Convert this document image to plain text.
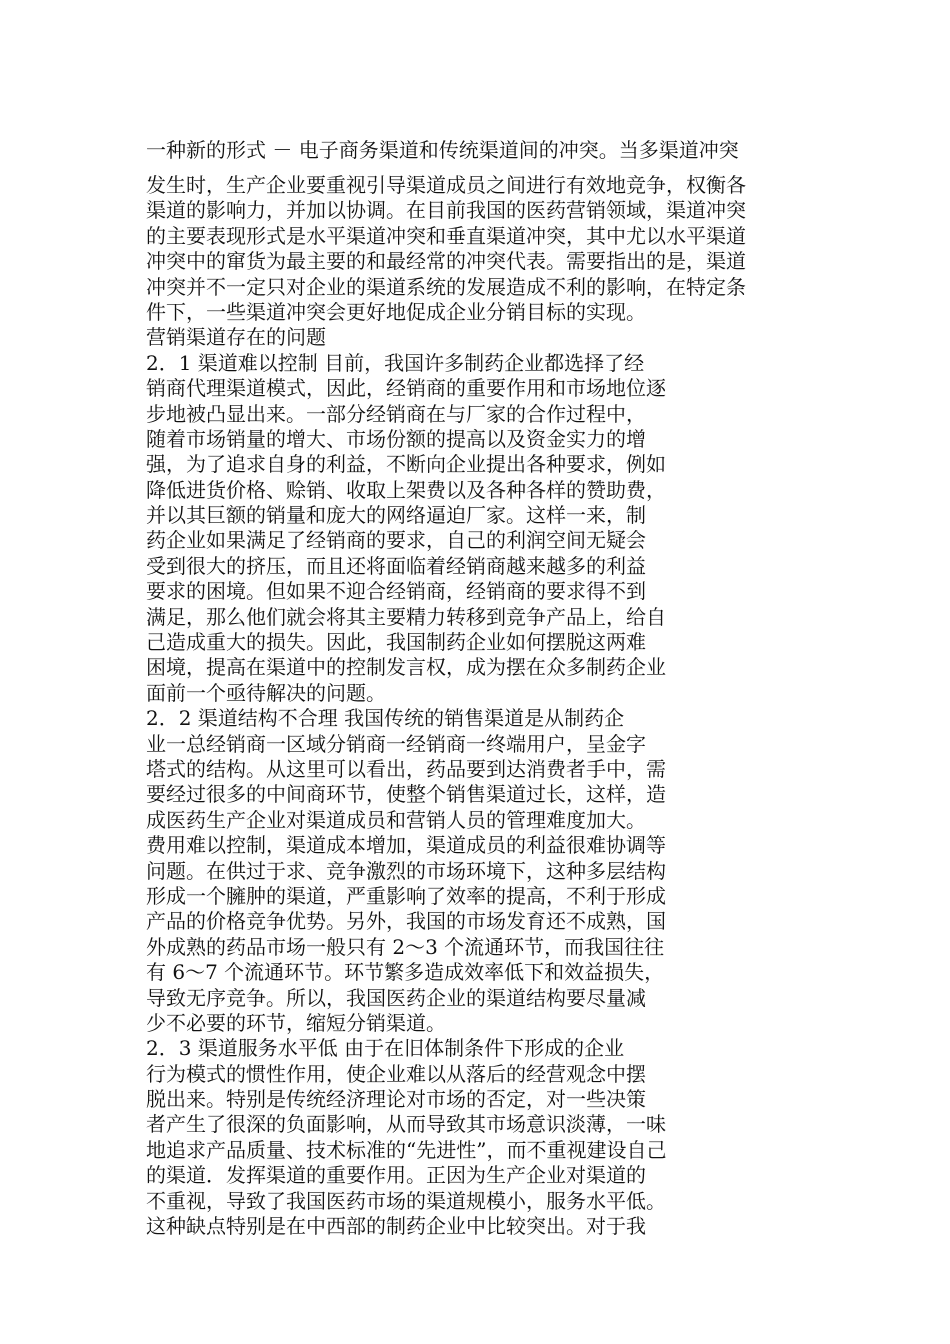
一种新的形式 － 电子商务渠道和传统渠道间的冲突。当多渠道冲突
发生时，生产企业要重视引导渠道成员之间进行有效地竞争，权衡各
渠道的影响力，并加以协调。在目前我国的医药营销领域，渠道冲突
的主要表现形式是水平渠道冲突和垂直渠道冲突，其中尤以水平渠道
冲突中的窜货为最主要的和最经常的冲突代表。需要指出的是，渠道
冲突并不一定只对企业的渠道系统的发展造成不利的影响，在特定条
件下，一些渠道冲突会更好地促成企业分销目标的实现。
营销渠道存在的问题
2．1 渠道难以控制 目前，我国许多制药企业都选择了经
销商代理渠道模式，因此，经销商的重要作用和市场地位逐
步地被凸显出来。一部分经销商在与厂家的合作过程中，
随着市场销量的增大、市场份额的提高以及资金实力的增
强，为了追求自身的利益，不断向企业提出各种要求，例如
降低进货价格、赊销、收取上架费以及各种各样的赞助费，
并以其巨额的销量和庞大的网络逼迫厂家。这样一来，制
药企业如果满足了经销商的要求，自己的利润空间无疑会
受到很大的挤压，而且还将面临着经销商越来越多的利益
要求的困境。但如果不迎合经销商，经销商的要求得不到
满足，那么他们就会将其主要精力转移到竞争产品上，给自
己造成重大的损失。因此，我国制药企业如何摆脱这两难
困境，提高在渠道中的控制发言权，成为摆在众多制药企业
面前一个亟待解决的问题。
2．2 渠道结构不合理 我国传统的销售渠道是从制药企
业一总经销商一区域分销商一经销商一终端用户，呈金字
塔式的结构。从这里可以看出，药品要到达消费者手中，需
要经过很多的中间商环节，使整个销售渠道过长，这样，造
成医药生产企业对渠道成员和营销人员的管理难度加大。
费用难以控制，渠道成本增加，渠道成员的利益很难协调等
问题。在供过于求、竞争激烈的市场环境下，这种多层结构
形成一个臃肿的渠道，严重影响了效率的提高，不利于形成
产品的价格竞争优势。另外，我国的市场发育还不成熟，国
外成熟的药品市场一般只有 2～3 个流通环节，而我国往往
有 6～7 个流通环节。环节繁多造成效率低下和效益损失，
导致无序竞争。所以，我国医药企业的渠道结构要尽量减
少不必要的环节，缩短分销渠道。
2．3 渠道服务水平低 由于在旧体制条件下形成的企业
行为模式的惯性作用，使企业难以从落后的经营观念中摆
脱出来。特别是传统经济理论对市场的否定，对一些决策
者产生了很深的负面影响，从而导致其市场意识淡薄，一味
地追求产品质量、技术标准的“先进性”，而不重视建设自己
的渠道．发挥渠道的重要作用。正因为生产企业对渠道的
不重视，导致了我国医药市场的渠道规模小，服务水平低。
这种缺点特别是在中西部的制药企业中比较突出。对于我
